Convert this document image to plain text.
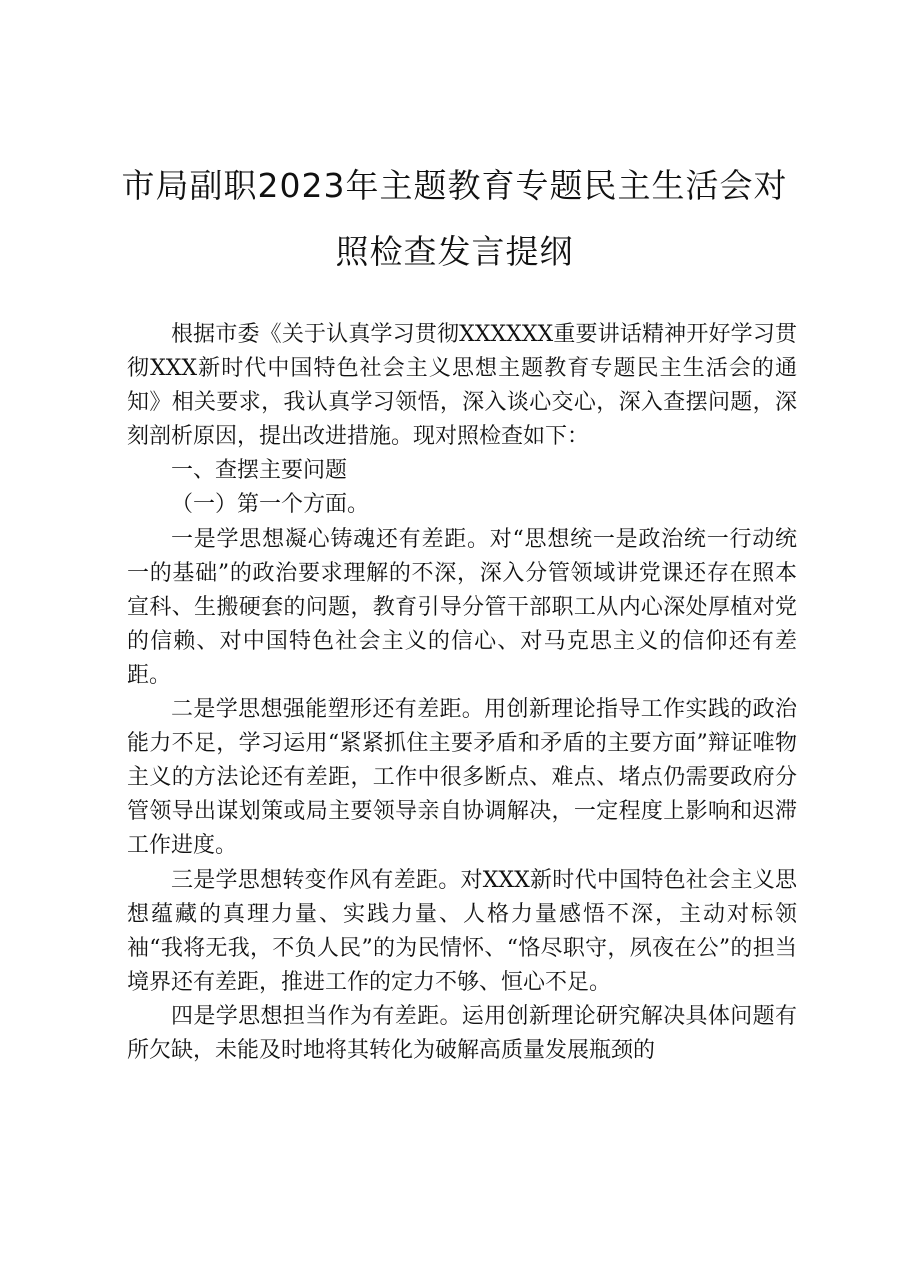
市局副职2023年主题教育专题民主生活会对
照检查发言提纲

根据市委《关于认真学习贯彻XXXXXX重要讲话精神开好学习贯彻XXX新时代中国特色社会主义思想主题教育专题民主生活会的通知》相关要求，我认真学习领悟，深入谈心交心，深入查摆问题，深刻剖析原因，提出改进措施。现对照检查如下：

一、查摆主要问题

（一）第一个方面。

一是学思想凝心铸魂还有差距。对“思想统一是政治统一行动统一的基础”的政治要求理解的不深，深入分管领域讲党课还存在照本宣科、生搬硬套的问题，教育引导分管干部职工从内心深处厚植对党的信赖、对中国特色社会主义的信心、对马克思主义的信仰还有差距。

二是学思想强能塑形还有差距。用创新理论指导工作实践的政治能力不足，学习运用“紧紧抓住主要矛盾和矛盾的主要方面”辩证唯物主义的方法论还有差距，工作中很多断点、难点、堵点仍需要政府分管领导出谋划策或局主要领导亲自协调解决，一定程度上影响和迟滞工作进度。

三是学思想转变作风有差距。对XXX新时代中国特色社会主义思想蕴藏的真理力量、实践力量、人格力量感悟不深，主动对标领袖“我将无我，不负人民”的为民情怀、“恪尽职守，夙夜在公”的担当境界还有差距，推进工作的定力不够、恒心不足。

四是学思想担当作为有差距。运用创新理论研究解决具体问题有所欠缺，未能及时地将其转化为破解高质量发展瓶颈的
